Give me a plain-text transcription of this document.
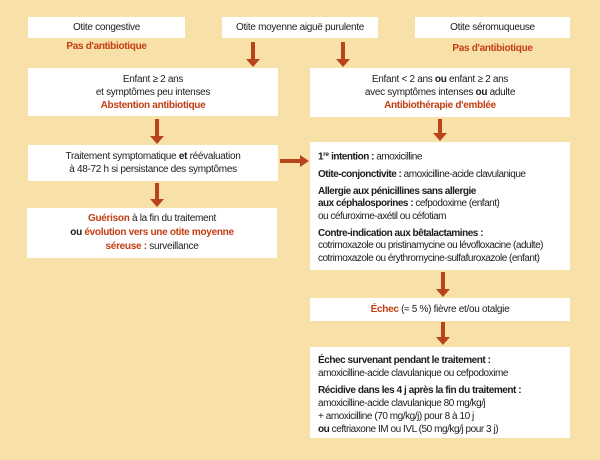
Otite congestive	Otite moyenne aiguë purulente	Otite séromuqueuse
Pas d'antibiotique	Pas d'antibiotique
Enfant ≥ 2 ans
et symptômes peu intenses
Abstention antibiotique
Enfant < 2 ans ou enfant ≥ 2 ans
avec symptômes intenses ou adulte
Antibiothérapie d'emblée
Traitement symptomatique et réévaluation
à 48-72 h si persistance des symptômes
1re intention : amoxicilline
Otite-conjonctivite : amoxicilline-acide clavulanique
Allergie aux pénicillines sans allergie
aux céphalosporines : cefpodoxime (enfant)
ou céfuroxime-axétil ou céfotiam
Contre-indication aux bêtalactamines :
cotrimoxazole ou pristinamycine ou lévofloxacine (adulte)
cotrimoxazole ou érythromycine-sulfafuroxazole (enfant)
Guérison à la fin du traitement
ou évolution vers une otite moyenne
séreuse : surveillance
Échec (≈ 5 %) fièvre et/ou otalgie
Échec survenant pendant le traitement :
amoxicilline-acide clavulanique ou cefpodoxime
Récidive dans les 4 j après la fin du traitement :
amoxicilline-acide clavulanique 80 mg/kg/j
+ amoxicilline (70 mg/kg/j) pour 8 à 10 j
ou ceftriaxone IM ou IVL (50 mg/kg/j pour 3 j)
